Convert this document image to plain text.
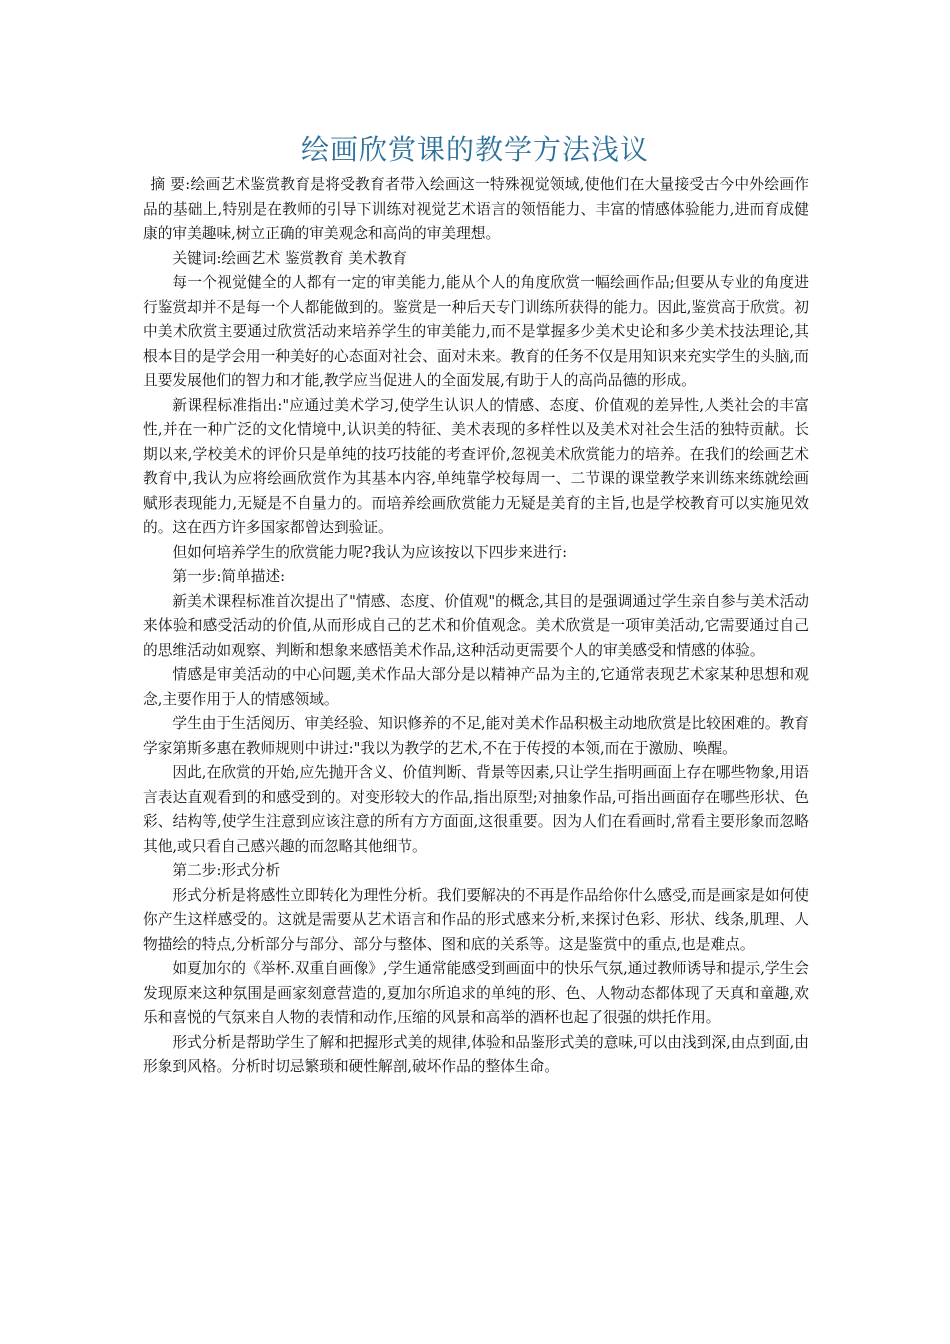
绘画欣赏课的教学方法浅议

摘 要:绘画艺术鉴赏教育是将受教育者带入绘画这一特殊视觉领域,使他们在大量接受古今中外绘画作品的基础上,特别是在教师的引导下训练对视觉艺术语言的领悟能力、丰富的情感体验能力,进而育成健康的审美趣味,树立正确的审美观念和高尚的审美理想。

关键词:绘画艺术 鉴赏教育 美术教育

每一个视觉健全的人都有一定的审美能力,能从个人的角度欣赏一幅绘画作品;但要从专业的角度进行鉴赏却并不是每一个人都能做到的。鉴赏是一种后天专门训练所获得的能力。因此,鉴赏高于欣赏。初中美术欣赏主要通过欣赏活动来培养学生的审美能力,而不是掌握多少美术史论和多少美术技法理论,其根本目的是学会用一种美好的心态面对社会、面对未来。教育的任务不仅是用知识来充实学生的头脑,而且要发展他们的智力和才能,教学应当促进人的全面发展,有助于人的高尚品德的形成。

新课程标准指出:"应通过美术学习,使学生认识人的情感、态度、价值观的差异性,人类社会的丰富性,并在一种广泛的文化情境中,认识美的特征、美术表现的多样性以及美术对社会生活的独特贡献。长期以来,学校美术的评价只是单纯的技巧技能的考查评价,忽视美术欣赏能力的培养。在我们的绘画艺术教育中,我认为应将绘画欣赏作为其基本内容,单纯靠学校每周一、二节课的课堂教学来训练来练就绘画赋形表现能力,无疑是不自量力的。而培养绘画欣赏能力无疑是美育的主旨,也是学校教育可以实施见效的。这在西方许多国家都曾达到验证。

但如何培养学生的欣赏能力呢?我认为应该按以下四步来进行:

第一步:简单描述:

新美术课程标准首次提出了"情感、态度、价值观"的概念,其目的是强调通过学生亲自参与美术活动来体验和感受活动的价值,从而形成自己的艺术和价值观念。美术欣赏是一项审美活动,它需要通过自己的思维活动如观察、判断和想象来感悟美术作品,这种活动更需要个人的审美感受和情感的体验。

情感是审美活动的中心问题,美术作品大部分是以精神产品为主的,它通常表现艺术家某种思想和观念,主要作用于人的情感领域。

学生由于生活阅历、审美经验、知识修养的不足,能对美术作品积极主动地欣赏是比较困难的。教育学家第斯多惠在教师规则中讲过:"我以为教学的艺术,不在于传授的本领,而在于激励、唤醒。

因此,在欣赏的开始,应先抛开含义、价值判断、背景等因素,只让学生指明画面上存在哪些物象,用语言表达直观看到的和感受到的。对变形较大的作品,指出原型;对抽象作品,可指出画面存在哪些形状、色彩、结构等,使学生注意到应该注意的所有方方面面,这很重要。因为人们在看画时,常看主要形象而忽略其他,或只看自己感兴趣的而忽略其他细节。

第二步:形式分析

形式分析是将感性立即转化为理性分析。我们要解决的不再是作品给你什么感受,而是画家是如何使你产生这样感受的。这就是需要从艺术语言和作品的形式感来分析,来探讨色彩、形状、线条,肌理、人物描绘的特点,分析部分与部分、部分与整体、图和底的关系等。这是鉴赏中的重点,也是难点。

如夏加尔的《举杯.双重自画像》,学生通常能感受到画面中的快乐气氛,通过教师诱导和提示,学生会发现原来这种氛围是画家刻意营造的,夏加尔所追求的单纯的形、色、人物动态都体现了天真和童趣,欢乐和喜悦的气氛来自人物的表情和动作,压缩的风景和高举的酒杯也起了很强的烘托作用。

形式分析是帮助学生了解和把握形式美的规律,体验和品鉴形式美的意味,可以由浅到深,由点到面,由形象到风格。分析时切忌繁琐和硬性解剖,破坏作品的整体生命。
